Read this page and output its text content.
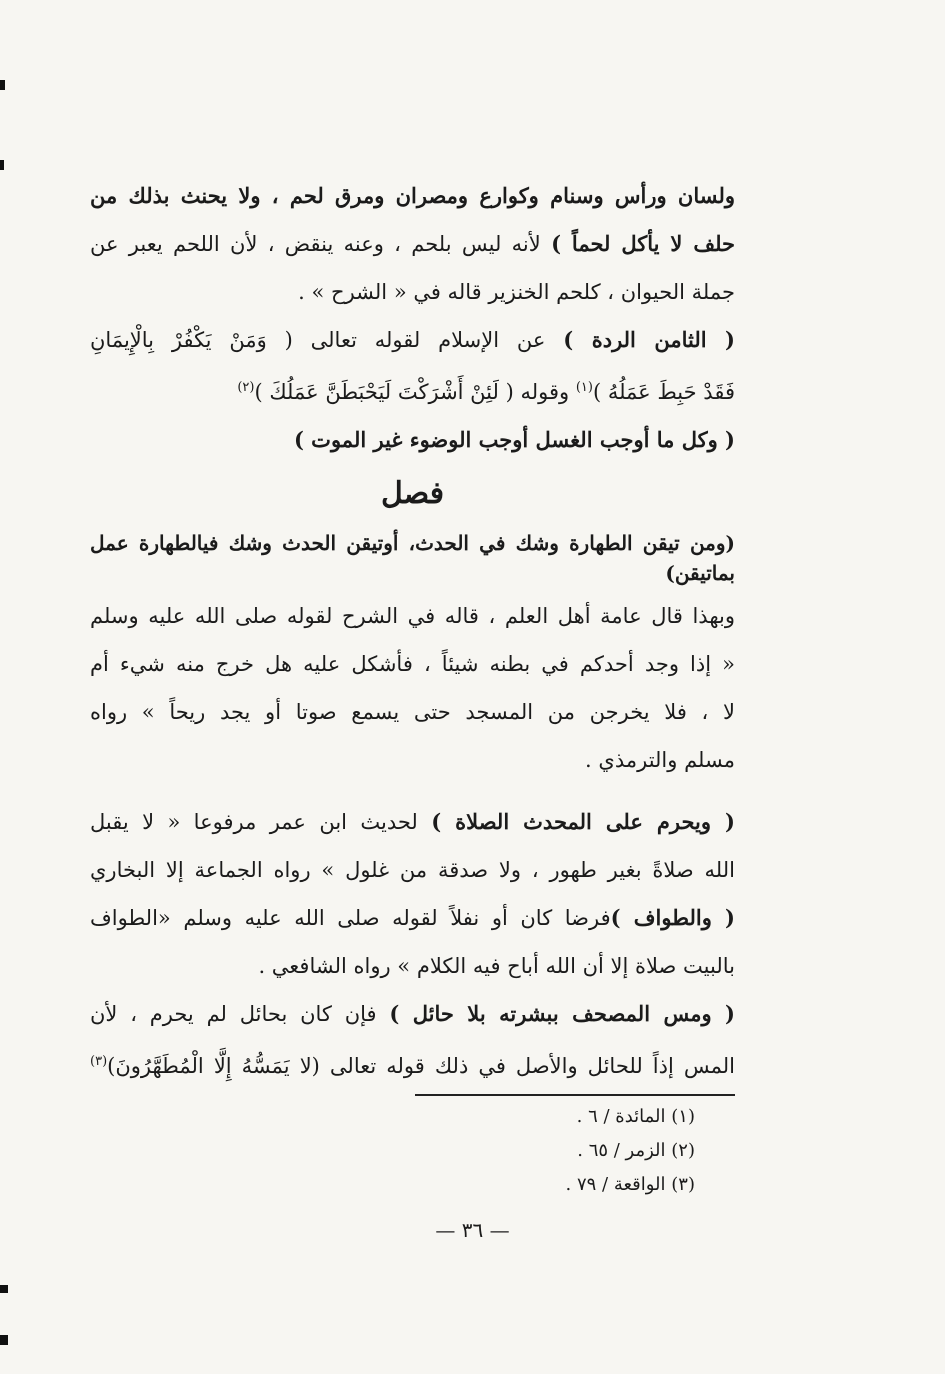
ولسان ورأس وسنام وكوارع ومصران ومرق لحم ، ولا يحنث بذلك من
حلف لا يأكل لحماً ) لأنه ليس بلحم ، وعنه ينقض ، لأن اللحم يعبر عن
جملة الحيوان ، كلحم الخنزير قاله في « الشرح » .
( الثامن الردة ) عن الإسلام لقوله تعالى ( وَمَنْ يَكْفُرْ بِالْإِيمَانِ
فَقَدْ حَبِطَ عَمَلُهُ )$^{(١)}$ وقوله ( لَئِنْ أَشْرَكْتَ لَيَحْبَطَنَّ عَمَلُكَ )$^{(٢)}$
( وكل ما أوجب الغسل أوجب الوضوء غير الموت )
فصل
(ومن تيقن الطهارة وشك في الحدث، أوتيقن الحدث وشك فيالطهارة عمل بماتيقن)
وبهذا قال عامة أهل العلم ، قاله في الشرح لقوله صلى الله عليه وسلم
« إذا وجد أحدكم في بطنه شيئاً ، فأشكل عليه هل خرج منه شيء أم
لا ، فلا يخرجن من المسجد حتى يسمع صوتا أو يجد ريحاً » رواه
مسلم والترمذي .
( ويحرم على المحدث الصلاة ) لحديث ابن عمر مرفوعا « لا يقبل
الله صلاةً بغير طهور ، ولا صدقة من غلول » رواه الجماعة إلا البخاري
( والطواف )فرضا كان أو نفلاً لقوله صلى الله عليه وسلم «الطواف
بالبيت صلاة إلا أن الله أباح فيه الكلام » رواه الشافعي .
( ومس المصحف ببشرته بلا حائل ) فإن كان بحائل لم يحرم ، لأن
المس إذاً للحائل والأصل في ذلك قوله تعالى (لا يَمَسُّهُ إِلَّا الْمُطَهَّرُونَ)$^{(٣)}$
(١) المائدة / ٦ .
(٢) الزمر / ٦٥ .
(٣) الواقعة / ٧٩ .
— ٣٦ —
